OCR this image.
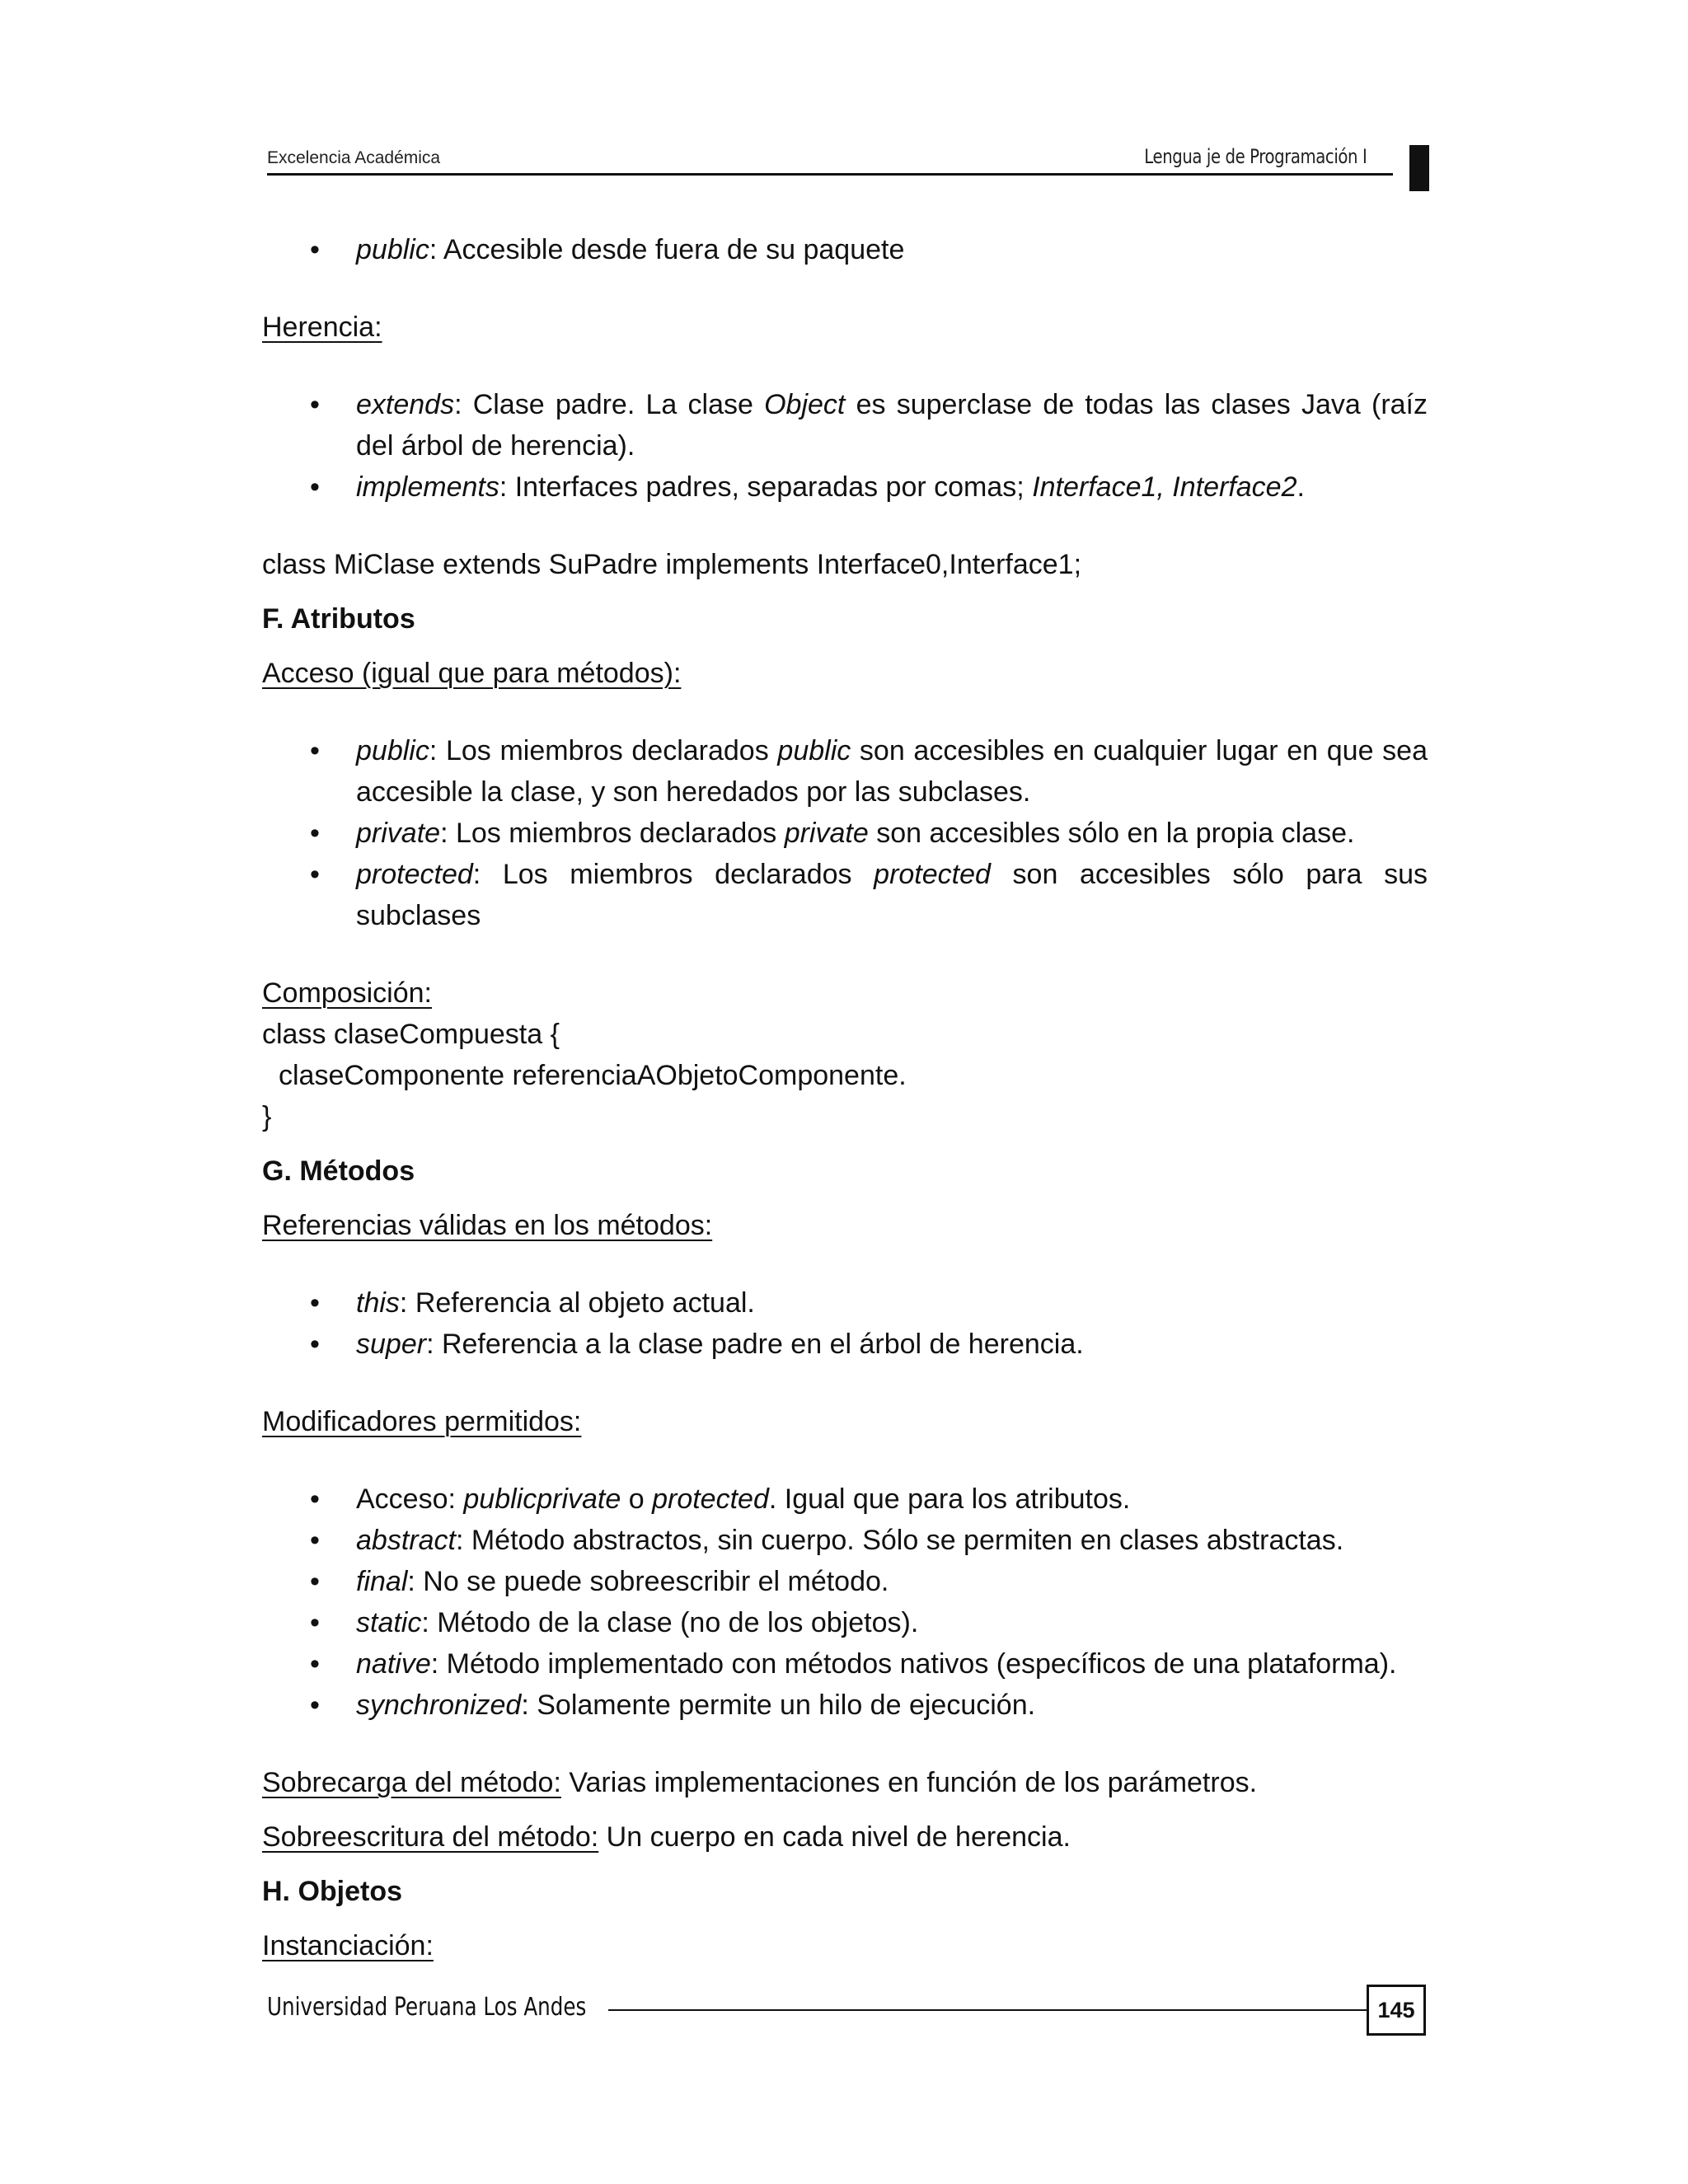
Excelencia Académica	Lengua je de Programación I
• public: Accesible desde fuera de su paquete

Herencia:

• extends: Clase padre. La clase Object es superclase de todas las clases Java (raíz del árbol de herencia).
• implements: Interfaces padres, separadas por comas; Interface1, Interface2.

class MiClase extends SuPadre implements Interface0,Interface1;

F. Atributos

Acceso (igual que para métodos):

• public: Los miembros declarados public son accesibles en cualquier lugar en que sea accesible la clase, y son heredados por las subclases.
• private: Los miembros declarados private son accesibles sólo en la propia clase.
• protected: Los miembros declarados protected son accesibles sólo para sus subclases

Composición:

class claseCompuesta {

claseComponente referenciaAObjetoComponente.

}

G. Métodos

Referencias válidas en los métodos:

• this: Referencia al objeto actual.
• super: Referencia a la clase padre en el árbol de herencia.

Modificadores permitidos:

• Acceso: publicprivate o protected. Igual que para los atributos.
• abstract: Método abstractos, sin cuerpo. Sólo se permiten en clases abstractas.
• final: No se puede sobreescribir el método.
• static: Método de la clase (no de los objetos).
• native: Método implementado con métodos nativos (específicos de una plataforma).
• synchronized: Solamente permite un hilo de ejecución.

Sobrecarga del método: Varias implementaciones en función de los parámetros.

Sobreescritura del método: Un cuerpo en cada nivel de herencia.

H. Objetos

Instanciación:

Universidad Peruana Los Andes	145
